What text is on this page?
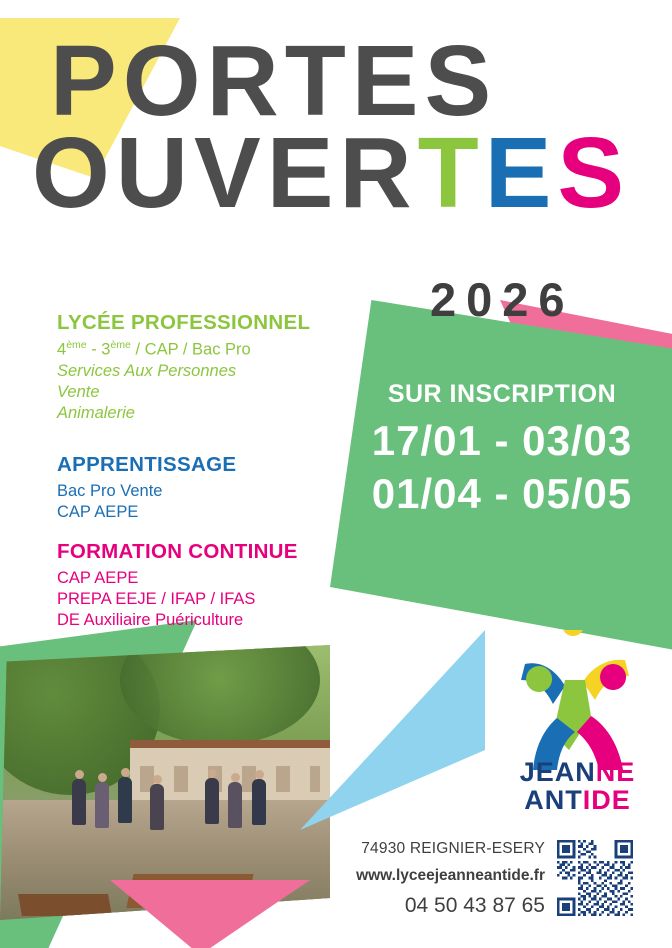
PORTES
OUVERTES
2026
LYCÉE PROFESSIONNEL
4ème - 3ème / CAP / Bac Pro
Services Aux Personnes
Vente
Animalerie
APPRENTISSAGE
Bac Pro Vente
CAP AEPE
FORMATION CONTINUE
CAP AEPE
PREPA EEJE / IFAP / IFAS
DE Auxiliaire Puériculture
SUR INSCRIPTION
17/01 - 03/03
01/04 - 05/05
JEANNE
ANTIDE
74930 REIGNIER-ESERY
www.lyceejeanneantide.fr
04 50 43 87 65
